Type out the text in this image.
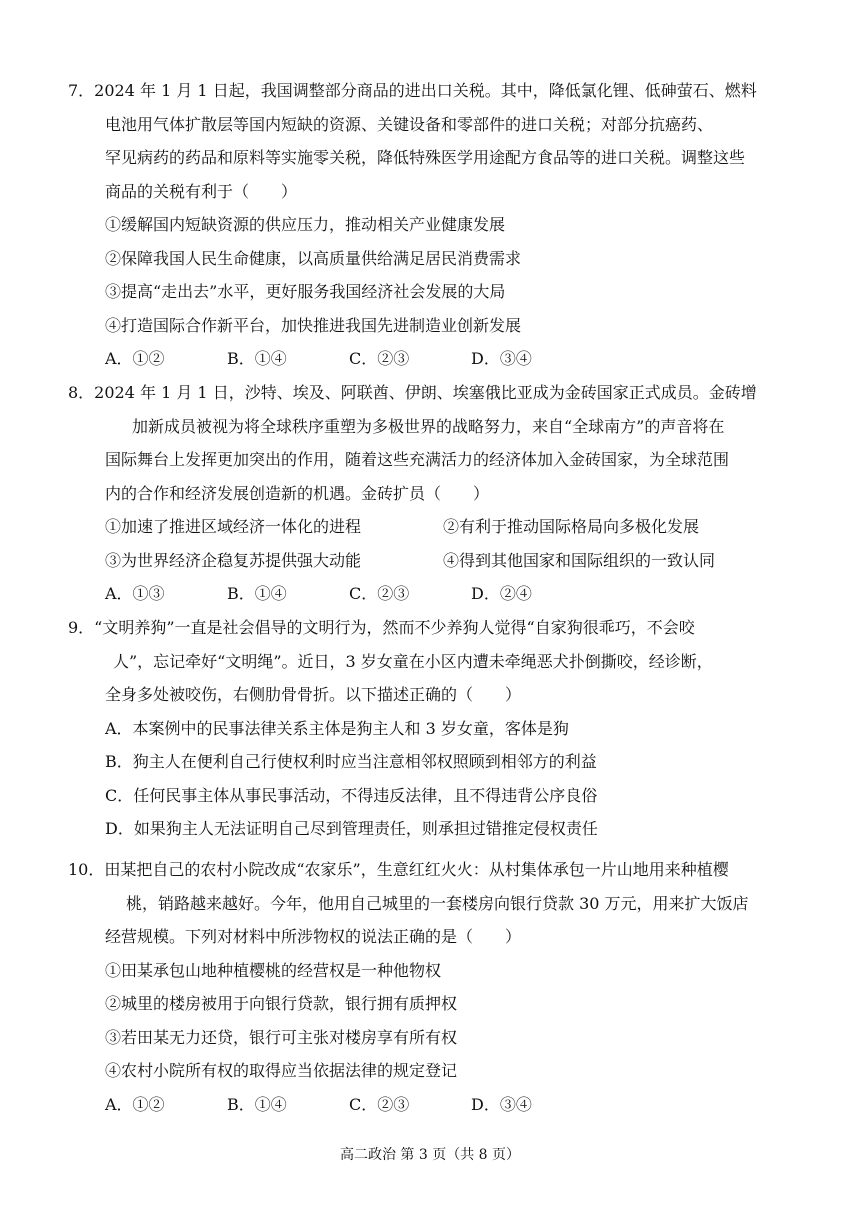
7．2024 年 1 月 1 日起，我国调整部分商品的进出口关税。其中，降低氯化锂、低砷萤石、燃料
电池用气体扩散层等国内短缺的资源、关键设备和零部件的进口关税；对部分抗癌药、
罕见病药的药品和原料等实施零关税，降低特殊医学用途配方食品等的进口关税。调整这些
商品的关税有利于（　　）
①缓解国内短缺资源的供应压力，推动相关产业健康发展
②保障我国人民生命健康，以高质量供给满足居民消费需求
③提高“走出去”水平，更好服务我国经济社会发展的大局
④打造国际合作新平台，加快推进我国先进制造业创新发展
A．①②	B．①④	C．②③	D．③④
8．2024 年 1 月 1 日，沙特、埃及、阿联酋、伊朗、埃塞俄比亚成为金砖国家正式成员。金砖增
加新成员被视为将全球秩序重塑为多极世界的战略努力，来自“全球南方”的声音将在
国际舞台上发挥更加突出的作用，随着这些充满活力的经济体加入金砖国家，为全球范围
内的合作和经济发展创造新的机遇。金砖扩员（　　）
①加速了推进区域经济一体化的进程	②有利于推动国际格局向多极化发展
③为世界经济企稳复苏提供强大动能	④得到其他国家和国际组织的一致认同
A．①③	B．①④	C．②③	D．②④
9．“文明养狗”一直是社会倡导的文明行为，然而不少养狗人觉得“自家狗很乖巧，不会咬
人”，忘记牵好“文明绳”。近日，3 岁女童在小区内遭未牵绳恶犬扑倒撕咬，经诊断，
全身多处被咬伤，右侧肋骨骨折。以下描述正确的（　　）
A．本案例中的民事法律关系主体是狗主人和 3 岁女童，客体是狗
B．狗主人在便利自己行使权利时应当注意相邻权照顾到相邻方的利益
C．任何民事主体从事民事活动，不得违反法律，且不得违背公序良俗
D．如果狗主人无法证明自己尽到管理责任，则承担过错推定侵权责任
10．田某把自己的农村小院改成“农家乐”，生意红红火火：从村集体承包一片山地用来种植樱
桃，销路越来越好。今年，他用自己城里的一套楼房向银行贷款 30 万元，用来扩大饭店
经营规模。下列对材料中所涉物权的说法正确的是（　　）
①田某承包山地种植樱桃的经营权是一种他物权
②城里的楼房被用于向银行贷款，银行拥有质押权
③若田某无力还贷，银行可主张对楼房享有所有权
④农村小院所有权的取得应当依据法律的规定登记
A．①②	B．①④	C．②③	D．③④
高二政治 第 3 页（共 8 页）
